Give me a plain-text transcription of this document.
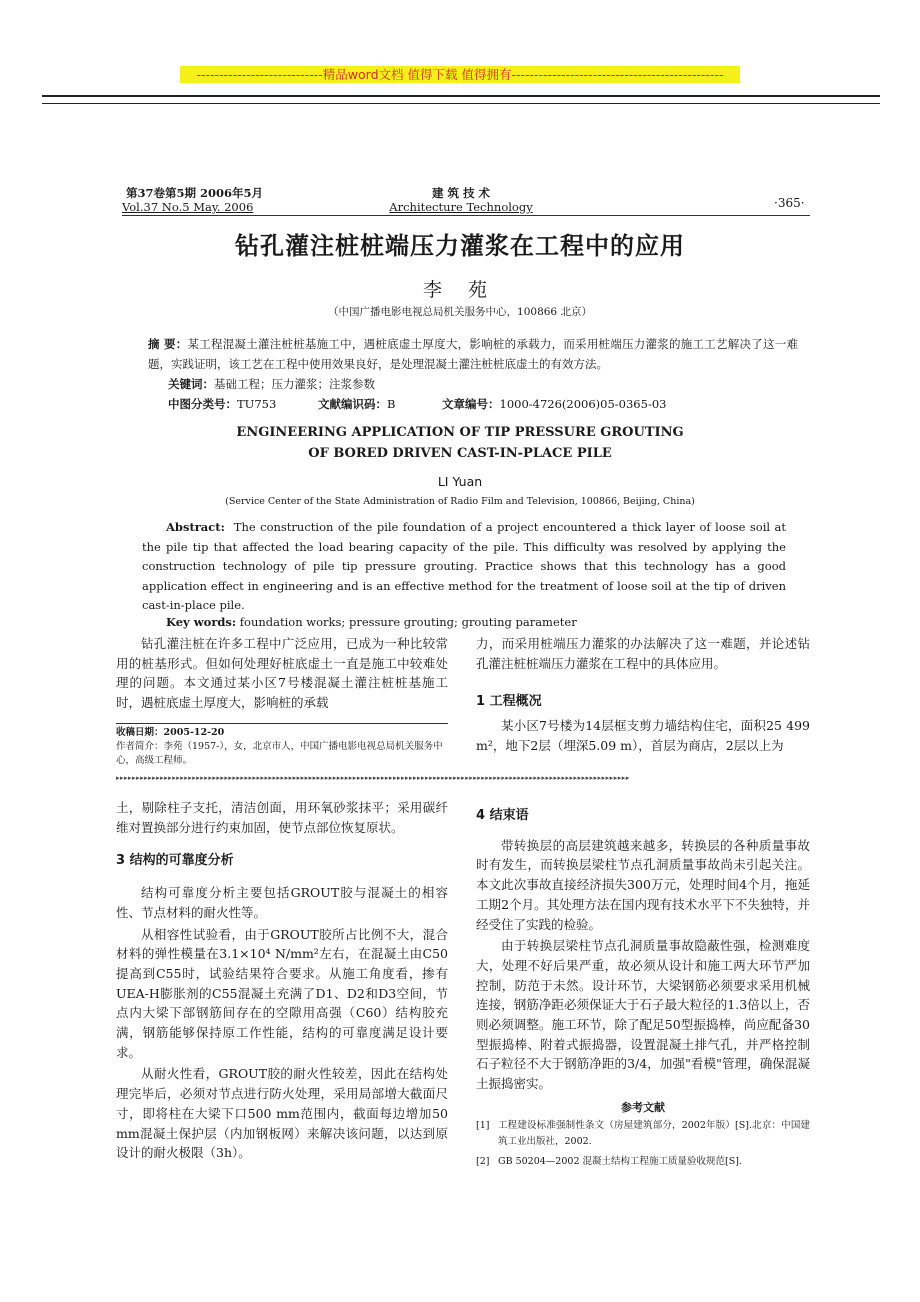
----------------------------精品word文档 值得下载 值得拥有-----------------------------------------------
第37卷第5期 2006年5月
Vol.37 No.5 May. 2006
建 筑 技 术
Architecture Technology	·365·
钻孔灌注桩桩端压力灌浆在工程中的应用
李 苑
（中国广播电影电视总局机关服务中心，100866 北京）
摘 要：某工程混凝土灌注桩桩基施工中，遇桩底虚土厚度大，影响桩的承载力，而采用桩端压力灌浆的施工工艺解决了这一难题，实践证明，该工艺在工程中使用效果良好，是处理混凝土灌注桩桩底虚土的有效方法。
关键词：基础工程；压力灌浆；注浆参数
中图分类号：TU753	文献编识码：B	文章编号：1000-4726(2006)05-0365-03
ENGINEERING APPLICATION OF TIP PRESSURE GROUTING
OF BORED DRIVEN CAST-IN-PLACE PILE
LI Yuan
(Service Center of the State Administration of Radio Film and Television, 100866, Beijing, China)
Abstract: The construction of the pile foundation of a project encountered a thick layer of loose soil at the pile tip that affected the load bearing capacity of the pile. This difficulty was resolved by applying the construction technology of pile tip pressure grouting. Practice shows that this technology has a good application effect in engineering and is an effective method for the treatment of loose soil at the tip of driven cast-in-place pile.
Key words: foundation works; pressure grouting; grouting parameter

钻孔灌注桩在许多工程中广泛应用，已成为一种比较常用的桩基形式。但如何处理好桩底虚土一直是施工中较难处理的问题。本文通过某小区7号楼混凝土灌注桩桩基施工时，遇桩底虚土厚度大，影响桩的承载

收稿日期：2005-12-20
作者简介：李苑（1957-），女，北京市人，中国广播电影电视总局机关服务中心，高级工程师。
力，而采用桩端压力灌浆的办法解决了这一难题，并论述钻孔灌注桩桩端压力灌浆在工程中的具体应用。
1 工程概况

某小区7号楼为14层框支剪力墙结构住宅，面积25 499 m²，地下2层（埋深5.09 m），首层为商店，2层以上为

▸▸▸▸▸▸▸▸▸▸▸▸▸▸▸▸▸▸▸▸▸▸▸▸▸▸▸▸▸▸▸▸▸▸▸▸▸▸▸▸▸▸▸▸▸▸▸▸▸▸▸▸▸▸▸▸▸▸▸▸▸▸▸▸▸▸▸▸▸▸▸▸▸▸▸▸▸▸▸▸▸▸▸▸▸▸▸▸▸▸▸▸▸▸▸▸▸▸▸▸▸▸▸▸▸▸▸▸▸▸▸▸▸▸▸▸▸▸▸▸▸▸▸▸▸▸▸▸
土，剔除柱子支托，清洁创面，用环氧砂浆抹平；采用碳纤维对置换部分进行约束加固，使节点部位恢复原状。
3 结构的可靠度分析

结构可靠度分析主要包括GROUT胶与混凝土的相容性、节点材料的耐火性等。

从相容性试验看，由于GROUT胶所占比例不大，混合材料的弹性模量在3.1×10⁴ N/mm²左右，在混凝土由C50提高到C55时，试验结果符合要求。从施工角度看，掺有UEA-H膨胀剂的C55混凝土充满了D1、D2和D3空间，节点内大梁下部钢筋间存在的空隙用高强（C60）结构胶充满，钢筋能够保持原工作性能，结构的可靠度满足设计要求。

从耐火性看，GROUT胶的耐火性较差，因此在结构处理完毕后，必须对节点进行防火处理，采用局部增大截面尺寸，即将柱在大梁下口500 mm范围内，截面每边增加50 mm混凝土保护层（内加钢板网）来解决该问题，以达到原设计的耐火极限（3h）。

4 结束语

带转换层的高层建筑越来越多，转换层的各种质量事故时有发生，而转换层梁柱节点孔洞质量事故尚未引起关注。本文此次事故直接经济损失300万元，处理时间4个月，拖延工期2个月。其处理方法在国内现有技术水平下不失独特，并经受住了实践的检验。

由于转换层梁柱节点孔洞质量事故隐蔽性强，检测难度大，处理不好后果严重，故必须从设计和施工两大环节严加控制，防范于未然。设计环节，大梁钢筋必须要求采用机械连接，钢筋净距必须保证大于石子最大粒径的1.3倍以上，否则必须调整。施工环节，除了配足50型振捣棒，尚应配备30型振捣棒、附着式振捣器，设置混凝土排气孔，并严格控制石子粒径不大于钢筋净距的3/4，加强"看模"管理，确保混凝土振捣密实。

参考文献
[1] 工程建设标准强制性条文（房屋建筑部分，2002年版）[S].北京：中国建筑工业出版社，2002.
[2] GB 50204—2002 混凝土结构工程施工质量验收规范[S].
